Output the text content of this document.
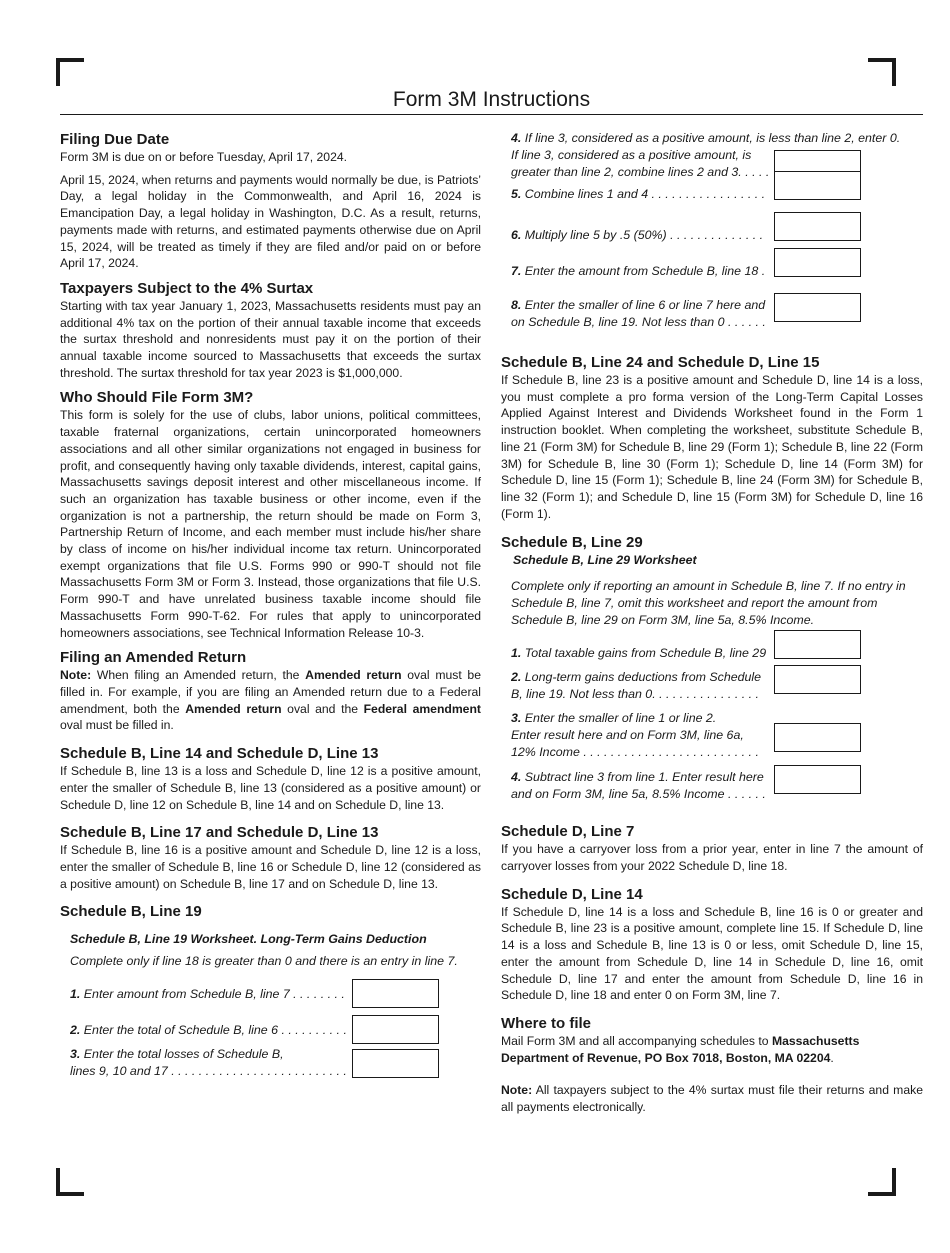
Form 3M Instructions
Filing Due Date

Form 3M is due on or before Tuesday, April 17, 2024.

April 15, 2024, when returns and payments would normally be due, is Patriots’ Day, a legal holiday in the Commonwealth, and April 16, 2024 is Emancipation Day, a legal holiday in Washington, D.C. As a result, returns, payments made with returns, and estimated payments otherwise due on April 15, 2024, will be treated as timely if they are filed and/or paid on or before April 17, 2024.

Taxpayers Subject to the 4% Surtax

Starting with tax year January 1, 2023, Massachusetts residents must pay an additional 4% tax on the portion of their annual taxable income that exceeds the surtax threshold and nonresidents must pay it on the portion of their annual taxable income sourced to Massachusetts that exceeds the surtax threshold. The surtax threshold for tax year 2023 is $1,000,000.

Who Should File Form 3M?

This form is solely for the use of clubs, labor unions, political committees, taxable fraternal organizations, certain unincorporated homeowners associations and all other similar organizations not engaged in business for profit, and consequently having only taxable dividends, interest, capital gains, Massachusetts savings deposit interest and other miscellaneous income. If such an organization has taxable business or other income, even if the organization is not a partnership, the return should be made on Form 3, Partnership Return of Income, and each member must include his/her share by class of income on his/her individual income tax return. Unincorporated exempt organizations that file U.S. Forms 990 or 990-T should not file Massachusetts Form 3M or Form 3. Instead, those organizations that file U.S. Form 990-T and have unrelated business taxable income should file Massachusetts Form 990-T-62. For rules that apply to unincorporated homeowners associations, see Technical Information Release 10-3.

Filing an Amended Return

Note: When filing an Amended return, the Amended return oval must be filled in. For example, if you are filing an Amended return due to a Federal amendment, both the Amended return oval and the Federal amendment oval must be filled in.

Schedule B, Line 14 and Schedule D, Line 13

If Schedule B, line 13 is a loss and Schedule D, line 12 is a positive amount, enter the smaller of Schedule B, line 13 (considered as a positive amount) or Schedule D, line 12 on Schedule B, line 14 and on Schedule D, line 13.

Schedule B, Line 17 and Schedule D, Line 13

If Schedule B, line 16 is a positive amount and Schedule D, line 12 is a loss, enter the smaller of Schedule B, line 16 or Schedule D, line 12 (considered as a positive amount) on Schedule B, line 17 and on Schedule D, line 13.

Schedule B, Line 19
Schedule B, Line 19 Worksheet. Long-Term Gains Deduction
Complete only if line 18 is greater than 0 and there is an entry in line 7.
1. Enter amount from Schedule B, line 7 . . . . . . . .
2. Enter the total of Schedule B, line 6 . . . . . . . . . .
3. Enter the total losses of Schedule B,
lines 9, 10 and 17 . . . . . . . . . . . . . . . . . . . . . . . . . .
4. If line 3, considered as a positive amount, is less than line 2, enter 0.
If line 3, considered as a positive amount, is
greater than line 2, combine lines 2 and 3. . . . .
5. Combine lines 1 and 4 . . . . . . . . . . . . . . . . .
6. Multiply line 5 by .5 (50%) . . . . . . . . . . . . . .
7. Enter the amount from Schedule B, line 18 .
8. Enter the smaller of line 6 or line 7 here and
on Schedule B, line 19. Not less than 0 . . . . . .
Schedule B, Line 24 and Schedule D, Line 15

If Schedule B, line 23 is a positive amount and Schedule D, line 14 is a loss, you must complete a pro forma version of the Long-Term Capital Losses Applied Against Interest and Dividends Worksheet found in the Form 1 instruction booklet. When completing the worksheet, substitute Schedule B, line 21 (Form 3M) for Schedule B, line 29 (Form 1); Schedule B, line 22 (Form 3M) for Schedule B, line 30 (Form 1); Schedule D, line 14 (Form 3M) for Schedule D, line 15 (Form 1); Schedule B, line 24 (Form 3M) for Schedule B, line 32 (Form 1); and Schedule D, line 15 (Form 3M) for Schedule D, line 16 (Form 1).

Schedule B, Line 29
Schedule B, Line 29 Worksheet
Complete only if reporting an amount in Schedule B, line 7. If no entry in Schedule B, line 7, omit this worksheet and report the amount from Schedule B, line 29 on Form 3M, line 5a, 8.5% Income.
1. Total taxable gains from Schedule B, line 29
2. Long-term gains deductions from Schedule
B, line 19. Not less than 0. . . . . . . . . . . . . . . .
3. Enter the smaller of line 1 or line 2.
Enter result here and on Form 3M, line 6a,
12% Income . . . . . . . . . . . . . . . . . . . . . . . . . .
4. Subtract line 3 from line 1. Enter result here
and on Form 3M, line 5a, 8.5% Income . . . . . .
Schedule D, Line 7

If you have a carryover loss from a prior year, enter in line 7 the amount of carryover losses from your 2022 Schedule D, line 18.

Schedule D, Line 14

If Schedule D, line 14 is a loss and Schedule B, line 16 is 0 or greater and Schedule B, line 23 is a positive amount, complete line 15. If Schedule D, line 14 is a loss and Schedule B, line 13 is 0 or less, omit Schedule D, line 15, enter the amount from Schedule D, line 14 in Schedule D, line 16, omit Schedule D, line 17 and enter the amount from Schedule D, line 16 in Schedule D, line 18 and enter 0 on Form 3M, line 7.

Where to file

Mail Form 3M and all accompanying schedules to Massachusetts Department of Revenue, PO Box 7018, Boston, MA 02204.

Note: All taxpayers subject to the 4% surtax must file their returns and make all payments electronically.
